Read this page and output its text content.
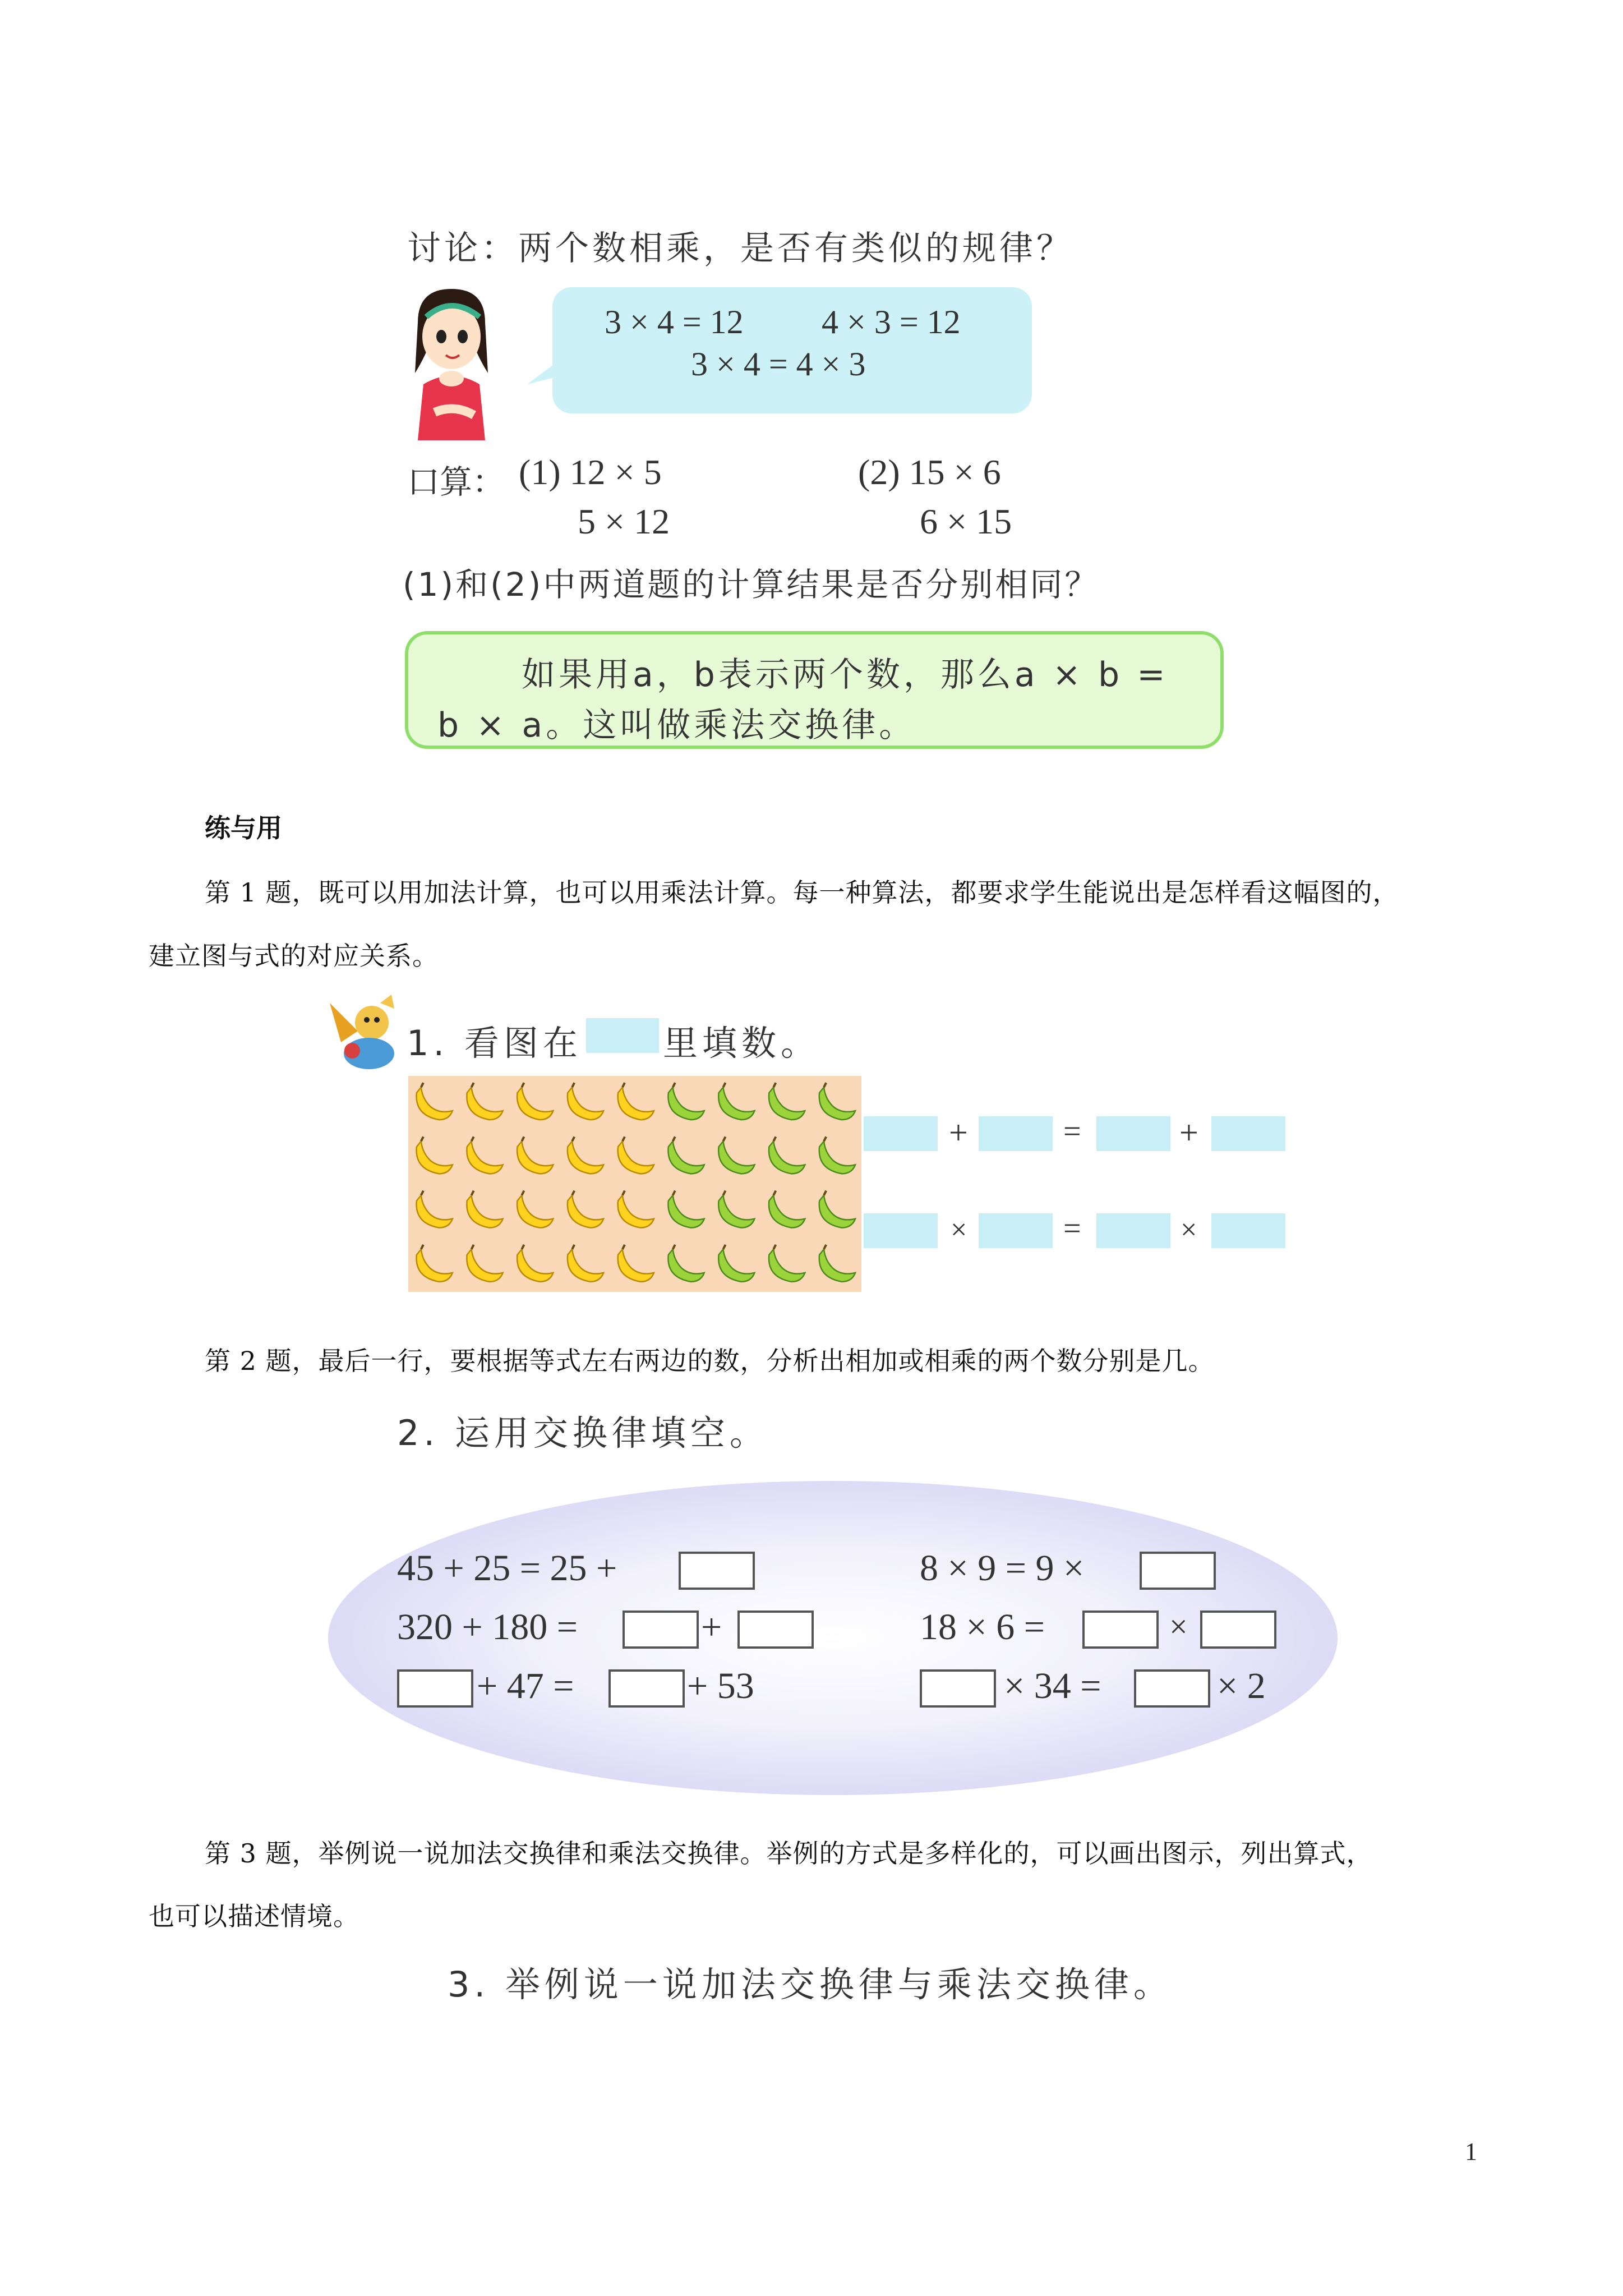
讨论：两个数相乘，是否有类似的规律？
3 × 4 = 12 4 × 3 = 12
3 × 4 = 4 × 3
口算： (1) 12 × 5
5 × 12
(2) 15 × 6
6 × 15
(1)和(2)中两道题的计算结果是否分别相同？
如果用a，b表示两个数，那么a × b =
b × a。这叫做乘法交换律。
练与用
第 1 题，既可以用加法计算，也可以用乘法计算。每一种算法，都要求学生能说出是怎样看这幅图的，
建立图与式的对应关系。
1. 看图在 里填数。
+	=	+
×	=	×
第 2 题，最后一行，要根据等式左右两边的数，分析出相加或相乘的两个数分别是几。
2. 运用交换律填空。
45 + 25 = 25 +
320 + 180 =	+
+ 47 =	+ 53
8 × 9 = 9 ×
18 × 6 =	×
× 34 =	× 2
第 3 题，举例说一说加法交换律和乘法交换律。举例的方式是多样化的，可以画出图示，列出算式，
也可以描述情境。
3. 举例说一说加法交换律与乘法交换律。
1
